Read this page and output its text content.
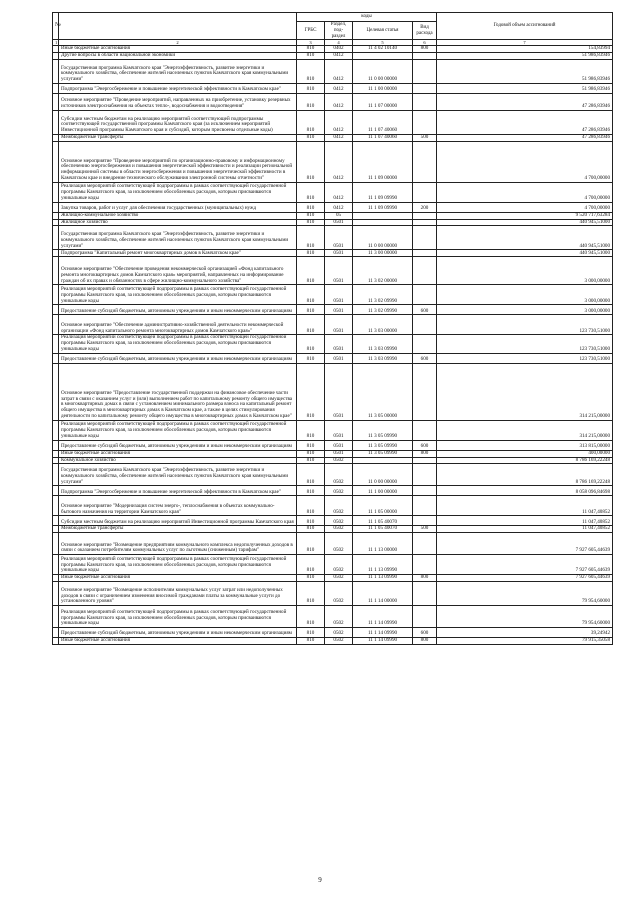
№		коды				Годовой объем ассигнований
		ГРБС	Раздел, под-раздел	Целевая статья	Вид расхода	
1	2	3	4	5	6	7
	Иные бюджетные ассигнования	810	0402	11 4 02 10140	800	154,83994
	Другие вопросы в области национальной экономики	810	0412			51 986,83946
	Государственная программа Камчатского края "Энергоэффективность, развитие энергетики и коммунального хозяйства, обеспечение жителей населенных пунктов Камчатского края коммунальными услугами"	810	0412	11 0 00 00000		51 986,83946
	Подпрограмма "Энергосбережение и повышение энергетической эффективности в Камчатском крае"	810	0412	11 1 00 00000		51 986,83946
	Основное мероприятие "Проведение мероприятий, направленных на приобретение, установку резервных источников электроснабжения на объектах тепло-, водоснабжения и водоотведения"	810	0412	11 1 07 00000		47 286,83946
	Субсидии местным бюджетам на реализацию мероприятий соответствующей подпрограммы соответствующей государственной программы Камчатского края (за исключением мероприятий Инвестиционной программы Камчатского края и субсидий, которым присвоены отдельные коды)	810	0412	11 1 07 40060		47 286,83946
	Межбюджетные трансферты	810	0412	11 1 07 40060	500	47 286,83946
	Основное мероприятие "Проведение мероприятий по организационно-правовому и информационному обеспечению энергосбережения и повышения энергетической эффективности и реализации региональной информационной системы в области энергосбережения и повышения энергетической эффективности в Камчатском крае и внедрение технического обслуживания электронной системы отчетности"	810	0412	11 1 09 00000		4 700,00000
	Реализация мероприятий соответствующей подпрограммы в рамках соответствующей государственной программы Камчатского края, за исключением обособленных расходов, которым присваиваются уникальные коды	810	0412	11 1 09 09990		4 700,00000
	Закупка товаров, работ и услуг для обеспечения государственных (муниципальных) нужд	810	0412	11 1 09 09990	200	4 700,00000
	Жилищно-коммунальное хозяйство	810	05			9 520 717,63284
	Жилищное хозяйство	810	0501			440 945,51000
	Государственная программа Камчатского края "Энергоэффективность, развитие энергетики и коммунального хозяйства, обеспечение жителей населенных пунктов Камчатского края коммунальными услугами"	810	0501	11 0 00 00000		440 945,51000
	Подпрограмма "Капитальный ремонт многоквартирных домов в Камчатском крае"	810	0501	11 3 00 00000		440 945,51000
	Основное мероприятие "Обеспечение проведения некоммерческой организацией «Фонд капитального ремонта многоквартирных домов Камчатского края» мероприятий, направленных на информирование граждан об их правах и обязанностях в сфере жилищно-коммунального хозяйства"	810	0501	11 3 02 00000		3 000,00000
	Реализация мероприятий соответствующей подпрограммы в рамках соответствующей государственной программы Камчатского края, за исключением обособленных расходов, которым присваиваются уникальные коды	810	0501	11 3 02 09990		3 000,00000
	Предоставление субсидий бюджетным, автономным учреждениям и иным некоммерческим организациям	810	0501	11 3 02 09990	600	3 000,00000
	Основное мероприятие "Обеспечение административно-хозяйственной деятельности некоммерческой организации «Фонд капитального ремонта многоквартирных домов Камчатского края»"	810	0501	11 3 03 00000		123 730,51000
	Реализация мероприятий соответствующей подпрограммы в рамках соответствующей государственной программы Камчатского края, за исключением обособленных расходов, которым присваиваются уникальные коды	810	0501	11 3 03 09990		123 730,51000
	Предоставление субсидий бюджетным, автономным учреждениям и иным некоммерческим организациям	810	0501	11 3 03 09990	600	123 730,51000
	Основное мероприятие "Предоставление государственной поддержки на финансовое обеспечение части затрат в связи с оказанием услуг и (или) выполнением работ по капитальному ремонту общего имущества в многоквартирных домах в связи с установлением минимального размера взноса на капитальный ремонт общего имущества в многоквартирных домах в Камчатском крае, а также в целях стимулирования деятельности по капитальному ремонту общего имущества в многоквартирных домах в Камчатском крае"	810	0501	11 3 05 00000		314 215,00000
	Реализация мероприятий соответствующей подпрограммы в рамках соответствующей государственной программы Камчатского края, за исключением обособленных расходов, которым присваиваются уникальные коды	810	0501	11 3 05 09990		314 215,00000
	Предоставление субсидий бюджетным, автономным учреждениям и иным некоммерческим организациям	810	0501	11 3 05 09990	600	313 815,00000
	Иные бюджетные ассигнования	810	0501	11 3 05 09990	800	400,00000
	Коммунальное хозяйство	810	0502			8 786 169,22248
	Государственная программа Камчатского края "Энергоэффективность, развитие энергетики и коммунального хозяйства, обеспечение жителей населенных пунктов Камчатского края коммунальными услугами"	810	0502	11 0 00 00000		8 786 169,22248
	Подпрограмма "Энергосбережение и повышение энергетической эффективности в Камчатском крае"	810	0502	11 1 00 00000		8 058 096,84698
	Основное мероприятие "Модернизация систем энерго-, теплоснабжения в объектах коммунально-бытового назначения на территории Камчатского края"	810	0502	11 1 05 00000		11 047,40852
	Субсидии местным бюджетам на реализацию мероприятий Инвестиционной программы Камчатского края	810	0502	11 1 05 40070		11 047,40852
	Межбюджетные трансферты	810	0502	11 1 05 40070	500	11 047,40852
	Основное мероприятие "Возмещение предприятиям коммунального комплекса недополученных доходов в связи с оказанием потребителям коммунальных услуг по льготным (сниженным) тарифам"	810	0502	11 1 13 00000		7 927 605,44639
	Реализация мероприятий соответствующей подпрограммы в рамках соответствующей государственной программы Камчатского края, за исключением обособленных расходов, которым присваиваются уникальные коды	810	0502	11 1 13 09990		7 927 605,44639
	Иные бюджетные ассигнования	810	0502	11 1 13 09990	800	7 927 605,44639
	Основное мероприятие "Возмещение исполнителям коммунальных услуг затрат или недополученных доходов в связи с ограничением изменения вносимой гражданами платы за коммунальные услуги до установленного уровня"	810	0502	11 1 14 00000		79 954,60000
	Реализация мероприятий соответствующей подпрограммы в рамках соответствующей государственной программы Камчатского края, за исключением обособленных расходов, которым присваиваются уникальные коды	810	0502	11 1 14 09990		79 954,60000
	Предоставление субсидий бюджетным, автономным учреждениям и иным некоммерческим организациям	810	0502	11 1 14 09990	600	39,24942
	Иные бюджетные ассигнования	810	0502	11 1 14 09990	800	79 915,35058
9
